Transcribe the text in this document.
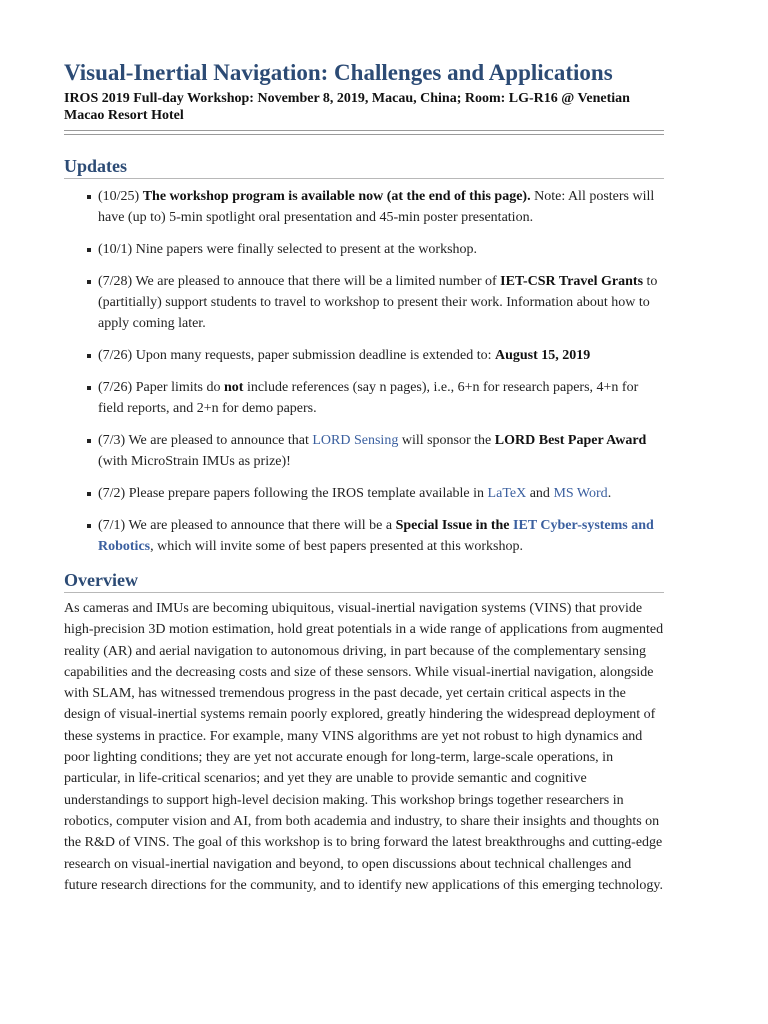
Visual-Inertial Navigation: Challenges and Applications
IROS 2019 Full-day Workshop: November 8, 2019, Macau, China; Room: LG-R16 @ Venetian Macao Resort Hotel
Updates
(10/25) The workshop program is available now (at the end of this page). Note: All posters will have (up to) 5-min spotlight oral presentation and 45-min poster presentation.
(10/1) Nine papers were finally selected to present at the workshop.
(7/28) We are pleased to annouce that there will be a limited number of IET-CSR Travel Grants to (partitially) support students to travel to workshop to present their work. Information about how to apply coming later.
(7/26) Upon many requests, paper submission deadline is extended to: August 15, 2019
(7/26) Paper limits do not include references (say n pages), i.e., 6+n for research papers, 4+n for field reports, and 2+n for demo papers.
(7/3) We are pleased to announce that LORD Sensing will sponsor the LORD Best Paper Award (with MicroStrain IMUs as prize)!
(7/2) Please prepare papers following the IROS template available in LaTeX and MS Word.
(7/1) We are pleased to announce that there will be a Special Issue in the IET Cyber-systems and Robotics, which will invite some of best papers presented at this workshop.
Overview

As cameras and IMUs are becoming ubiquitous, visual-inertial navigation systems (VINS) that provide high-precision 3D motion estimation, hold great potentials in a wide range of applications from augmented reality (AR) and aerial navigation to autonomous driving, in part because of the complementary sensing capabilities and the decreasing costs and size of these sensors. While visual-inertial navigation, alongside with SLAM, has witnessed tremendous progress in the past decade, yet certain critical aspects in the design of visual-inertial systems remain poorly explored, greatly hindering the widespread deployment of these systems in practice. For example, many VINS algorithms are yet not robust to high dynamics and poor lighting conditions; they are yet not accurate enough for long-term, large-scale operations, in particular, in life-critical scenarios; and yet they are unable to provide semantic and cognitive understandings to support high-level decision making. This workshop brings together researchers in robotics, computer vision and AI, from both academia and industry, to share their insights and thoughts on the R&D of VINS. The goal of this workshop is to bring forward the latest breakthroughs and cutting-edge research on visual-inertial navigation and beyond, to open discussions about technical challenges and future research directions for the community, and to identify new applications of this emerging technology.
